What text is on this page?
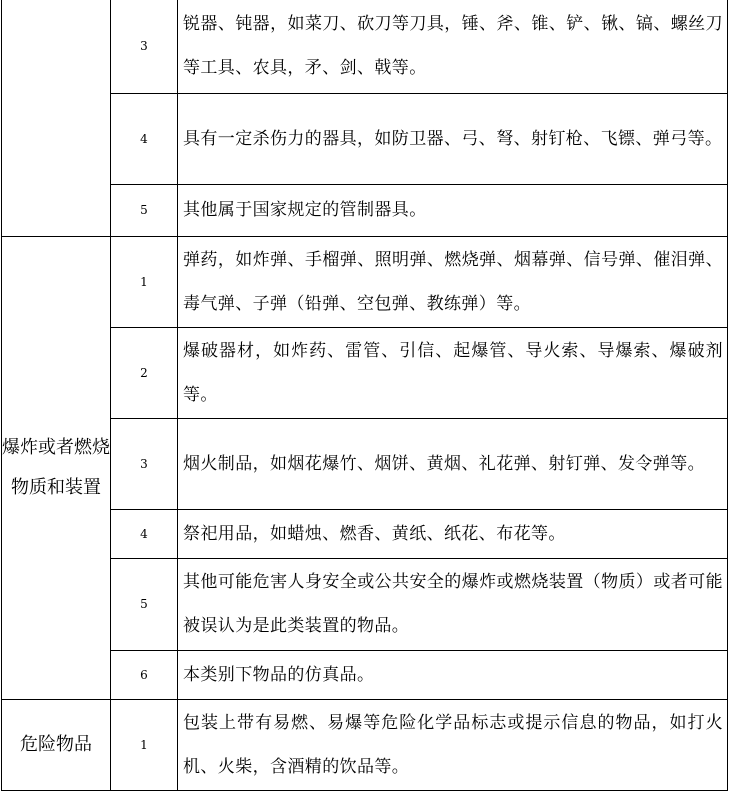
	3	锐器、钝器，如菜刀、砍刀等刀具，锤、斧、锥、铲、锹、镐、螺丝刀等工具、农具，矛、剑、戟等。
	4	具有一定杀伤力的器具，如防卫器、弓、弩、射钉枪、飞镖、弹弓等。
	5	其他属于国家规定的管制器具。
爆炸或者燃烧物质和装置	1	弹药，如炸弹、手榴弹、照明弹、燃烧弹、烟幕弹、信号弹、催泪弹、毒气弹、子弹（铅弹、空包弹、教练弹）等。
	2	爆破器材，如炸药、雷管、引信、起爆管、导火索、导爆索、爆破剂等。
	3	烟火制品，如烟花爆竹、烟饼、黄烟、礼花弹、射钉弹、发令弹等。
	4	祭祀用品，如蜡烛、燃香、黄纸、纸花、布花等。
	5	其他可能危害人身安全或公共安全的爆炸或燃烧装置（物质）或者可能被误认为是此类装置的物品。
	6	本类别下物品的仿真品。
危险物品	1	包装上带有易燃、易爆等危险化学品标志或提示信息的物品，如打火机、火柴，含酒精的饮品等。
